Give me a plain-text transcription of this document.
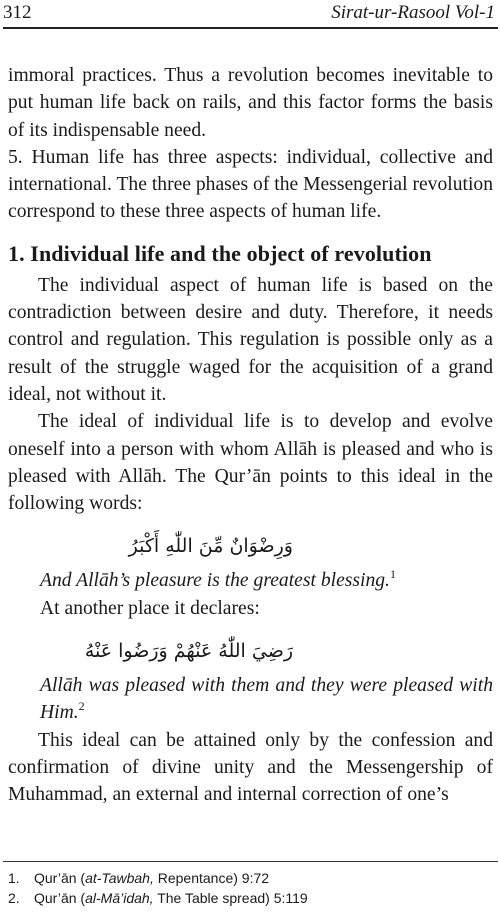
312	Sirat-ur-Rasool Vol-1

immoral practices. Thus a revolution becomes inevitable to put human life back on rails, and this factor forms the basis of its indispensable need.

5. Human life has three aspects: individual, collective and international. The three phases of the Messengerial revolution correspond to these three aspects of human life.

1. Individual life and the object of revolution

The individual aspect of human life is based on the contradiction between desire and duty. Therefore, it needs control and regulation. This regulation is possible only as a result of the struggle waged for the acquisition of a grand ideal, not without it.

The ideal of individual life is to develop and evolve oneself into a person with whom Allāh is pleased and who is pleased with Allāh. The Qur’ān points to this ideal in the following words:

وَرِضْوَانٌ مِّنَ اللّٰهِ أَكْبَرُ

And Allāh’s pleasure is the greatest blessing.$^1$

At another place it declares:

رَضِيَ اللّٰهُ عَنْهُمْ وَرَضُوا عَنْهُ

Allāh was pleased with them and they were pleased with Him.$^2$

This ideal can be attained only by the confession and confirmation of divine unity and the Messengership of Muhammad, an external and internal correction of one’s

1. Qur’ān (at-Tawbah, Repentance) 9:72

2. Qur’ān (al-Mā’idah, The Table spread) 5:119
